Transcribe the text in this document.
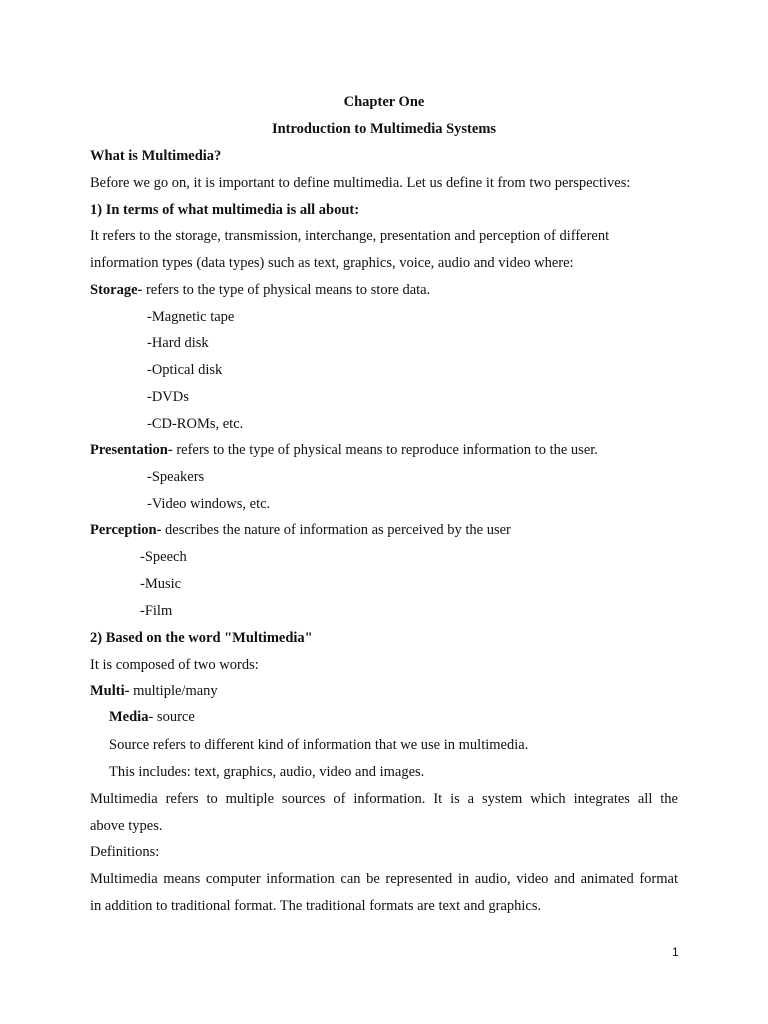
Chapter One
Introduction to Multimedia Systems
What is Multimedia?
Before we go on, it is important to define multimedia. Let us define it from two perspectives:
1) In terms of what multimedia is all about:
It refers to the storage, transmission, interchange, presentation and perception of different
information types (data types) such as text, graphics, voice, audio and video where:
Storage- refers to the type of physical means to store data.
-Magnetic tape
-Hard disk
-Optical disk
-DVDs
-CD-ROMs, etc.
Presentation- refers to the type of physical means to reproduce information to the user.
-Speakers
-Video windows, etc.
Perception- describes the nature of information as perceived by the user
-Speech
-Music
-Film
2) Based on the word "Multimedia"
It is composed of two words:
Multi- multiple/many
Media- source
Source refers to different kind of information that we use in multimedia.
This includes: text, graphics, audio, video and images.
Multimedia refers to multiple sources of information. It is a system which integrates all the
above types.
Definitions:
Multimedia means computer information can be represented in audio, video and animated format
in addition to traditional format. The traditional formats are text and graphics.
1
